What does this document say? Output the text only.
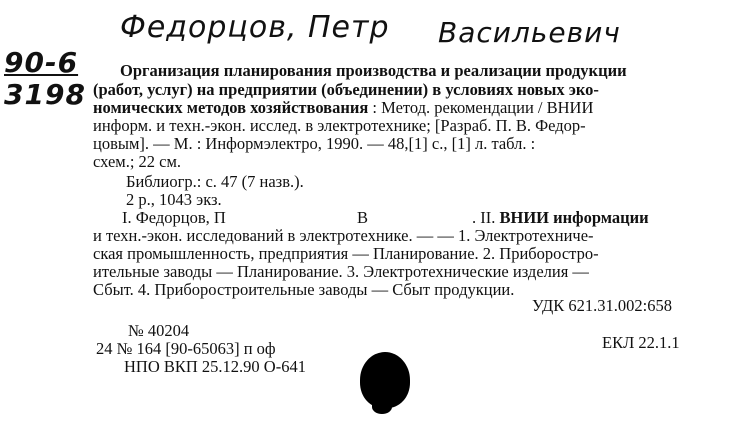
Федорцов, Петр Васильевич
90-6
3198
Организация планирования производства и реализации продукции
(работ, услуг) на предприятии (объединении) в условиях новых эко-
номических методов хозяйствования : Метод. рекомендации / ВНИИ
информ. и техн.-экон. исслед. в электротехнике; [Разраб. П. В. Федор-
цовым]. — М. : Информэлектро, 1990. — 48,[1] с., [1] л. табл. :
схем.; 22 см.
Библиогр.: с. 47 (7 назв.).
2 р., 1043 экз.
I. Федорцов, П	В	. II. ВНИИ информации
и техн.-экон. исследований в электротехнике. — — 1. Электротехниче-
ская промышленность, предприятия — Планирование. 2. Приборостро-
ительные заводы — Планирование. 3. Электротехнические изделия —
Сбыт. 4. Приборостроительные заводы — Сбыт продукции.
УДК 621.31.002:658
№ 40204
24 № 164 [90-65063] п оф	ЕКЛ 22.1.1
НПО ВКП 25.12.90 О-641
